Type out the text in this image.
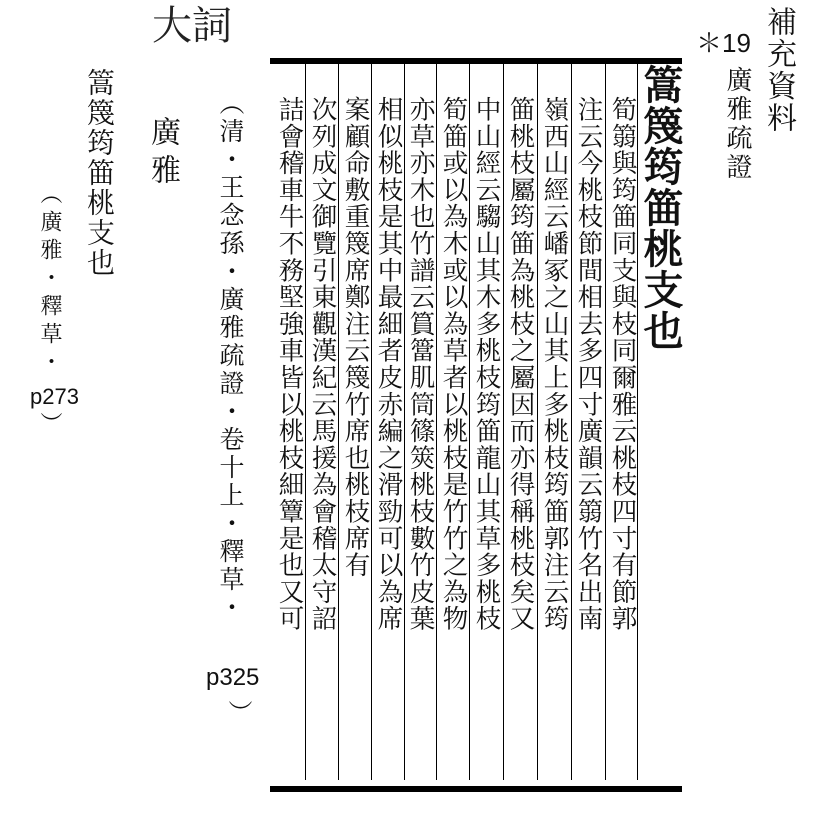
補充資料
＊19
廣雅疏證
篙篾筠筁桃支也
筍篛與筠筁同支與枝同爾雅云桃枝四寸有節郭
注云今桃枝節間相去多四寸廣韻云篛竹名出南
嶺西山經云嶓冢之山其上多桃枝筠筁郭注云筠
筁桃枝屬筠筁為桃枝之屬因而亦得稱桃枝矣又
中山經云騶山其木多桃枝筠筁龍山其草多桃枝
筍筁或以為木或以為草者以桃枝是竹竹之為物
亦草亦木也竹譜云篔簹肌筒篠筴桃枝數竹皮葉
相似桃枝是其中最細者皮赤編之滑勁可以為席
案顧命敷重篾席鄭注云篾竹席也桃枝席有
次列成文御覽引東觀漢紀云馬援為會稽太守詔
詰會稽車牛不務堅強車皆以桃枝細簟是也又可
（清・王念孫・廣雅疏證・卷十上・釋草・
p325
）
大詞
廣雅
篙篾筠筁桃支也
（廣雅・釋草・
p273
）
